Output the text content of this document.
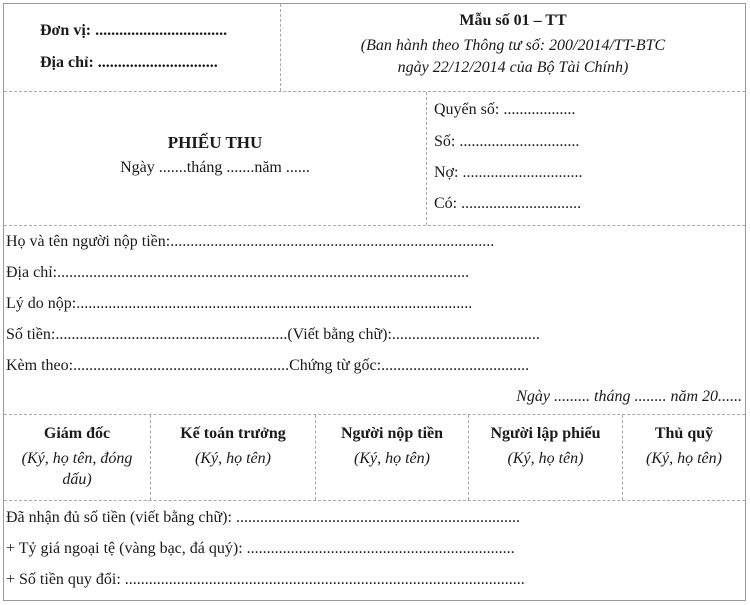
Đơn vị: .................................
Địa chỉ: ..............................
Mẫu số 01 – TT
(Ban hành theo Thông tư số: 200/2014/TT-BTC
ngày 22/12/2014 của Bộ Tài Chính)
PHIẾU THU
Ngày .......tháng .......năm ......
Quyển số: ..................
Số: ..............................
Nợ: ..............................
Có: ..............................
Họ và tên người nộp tiền:.................................................................................
Địa chỉ:.......................................................................................................
Lý do nộp:...................................................................................................
Số tiền:..........................................................(Viết bằng chữ):.....................................
Kèm theo:......................................................Chứng từ gốc:.....................................
Ngày ......... tháng ........ năm 20......
Giám đốc
(Ký, họ tên, đóng
dấu)
Kế toán trưởng
(Ký, họ tên)
Người nộp tiền
(Ký, họ tên)
Người lập phiếu
(Ký, họ tên)
Thủ quỹ
(Ký, họ tên)
Đã nhận đủ số tiền (viết bằng chữ): .......................................................................
+ Tỷ giá ngoại tệ (vàng bạc, đá quý): ...................................................................
+ Số tiền quy đổi: ....................................................................................................
